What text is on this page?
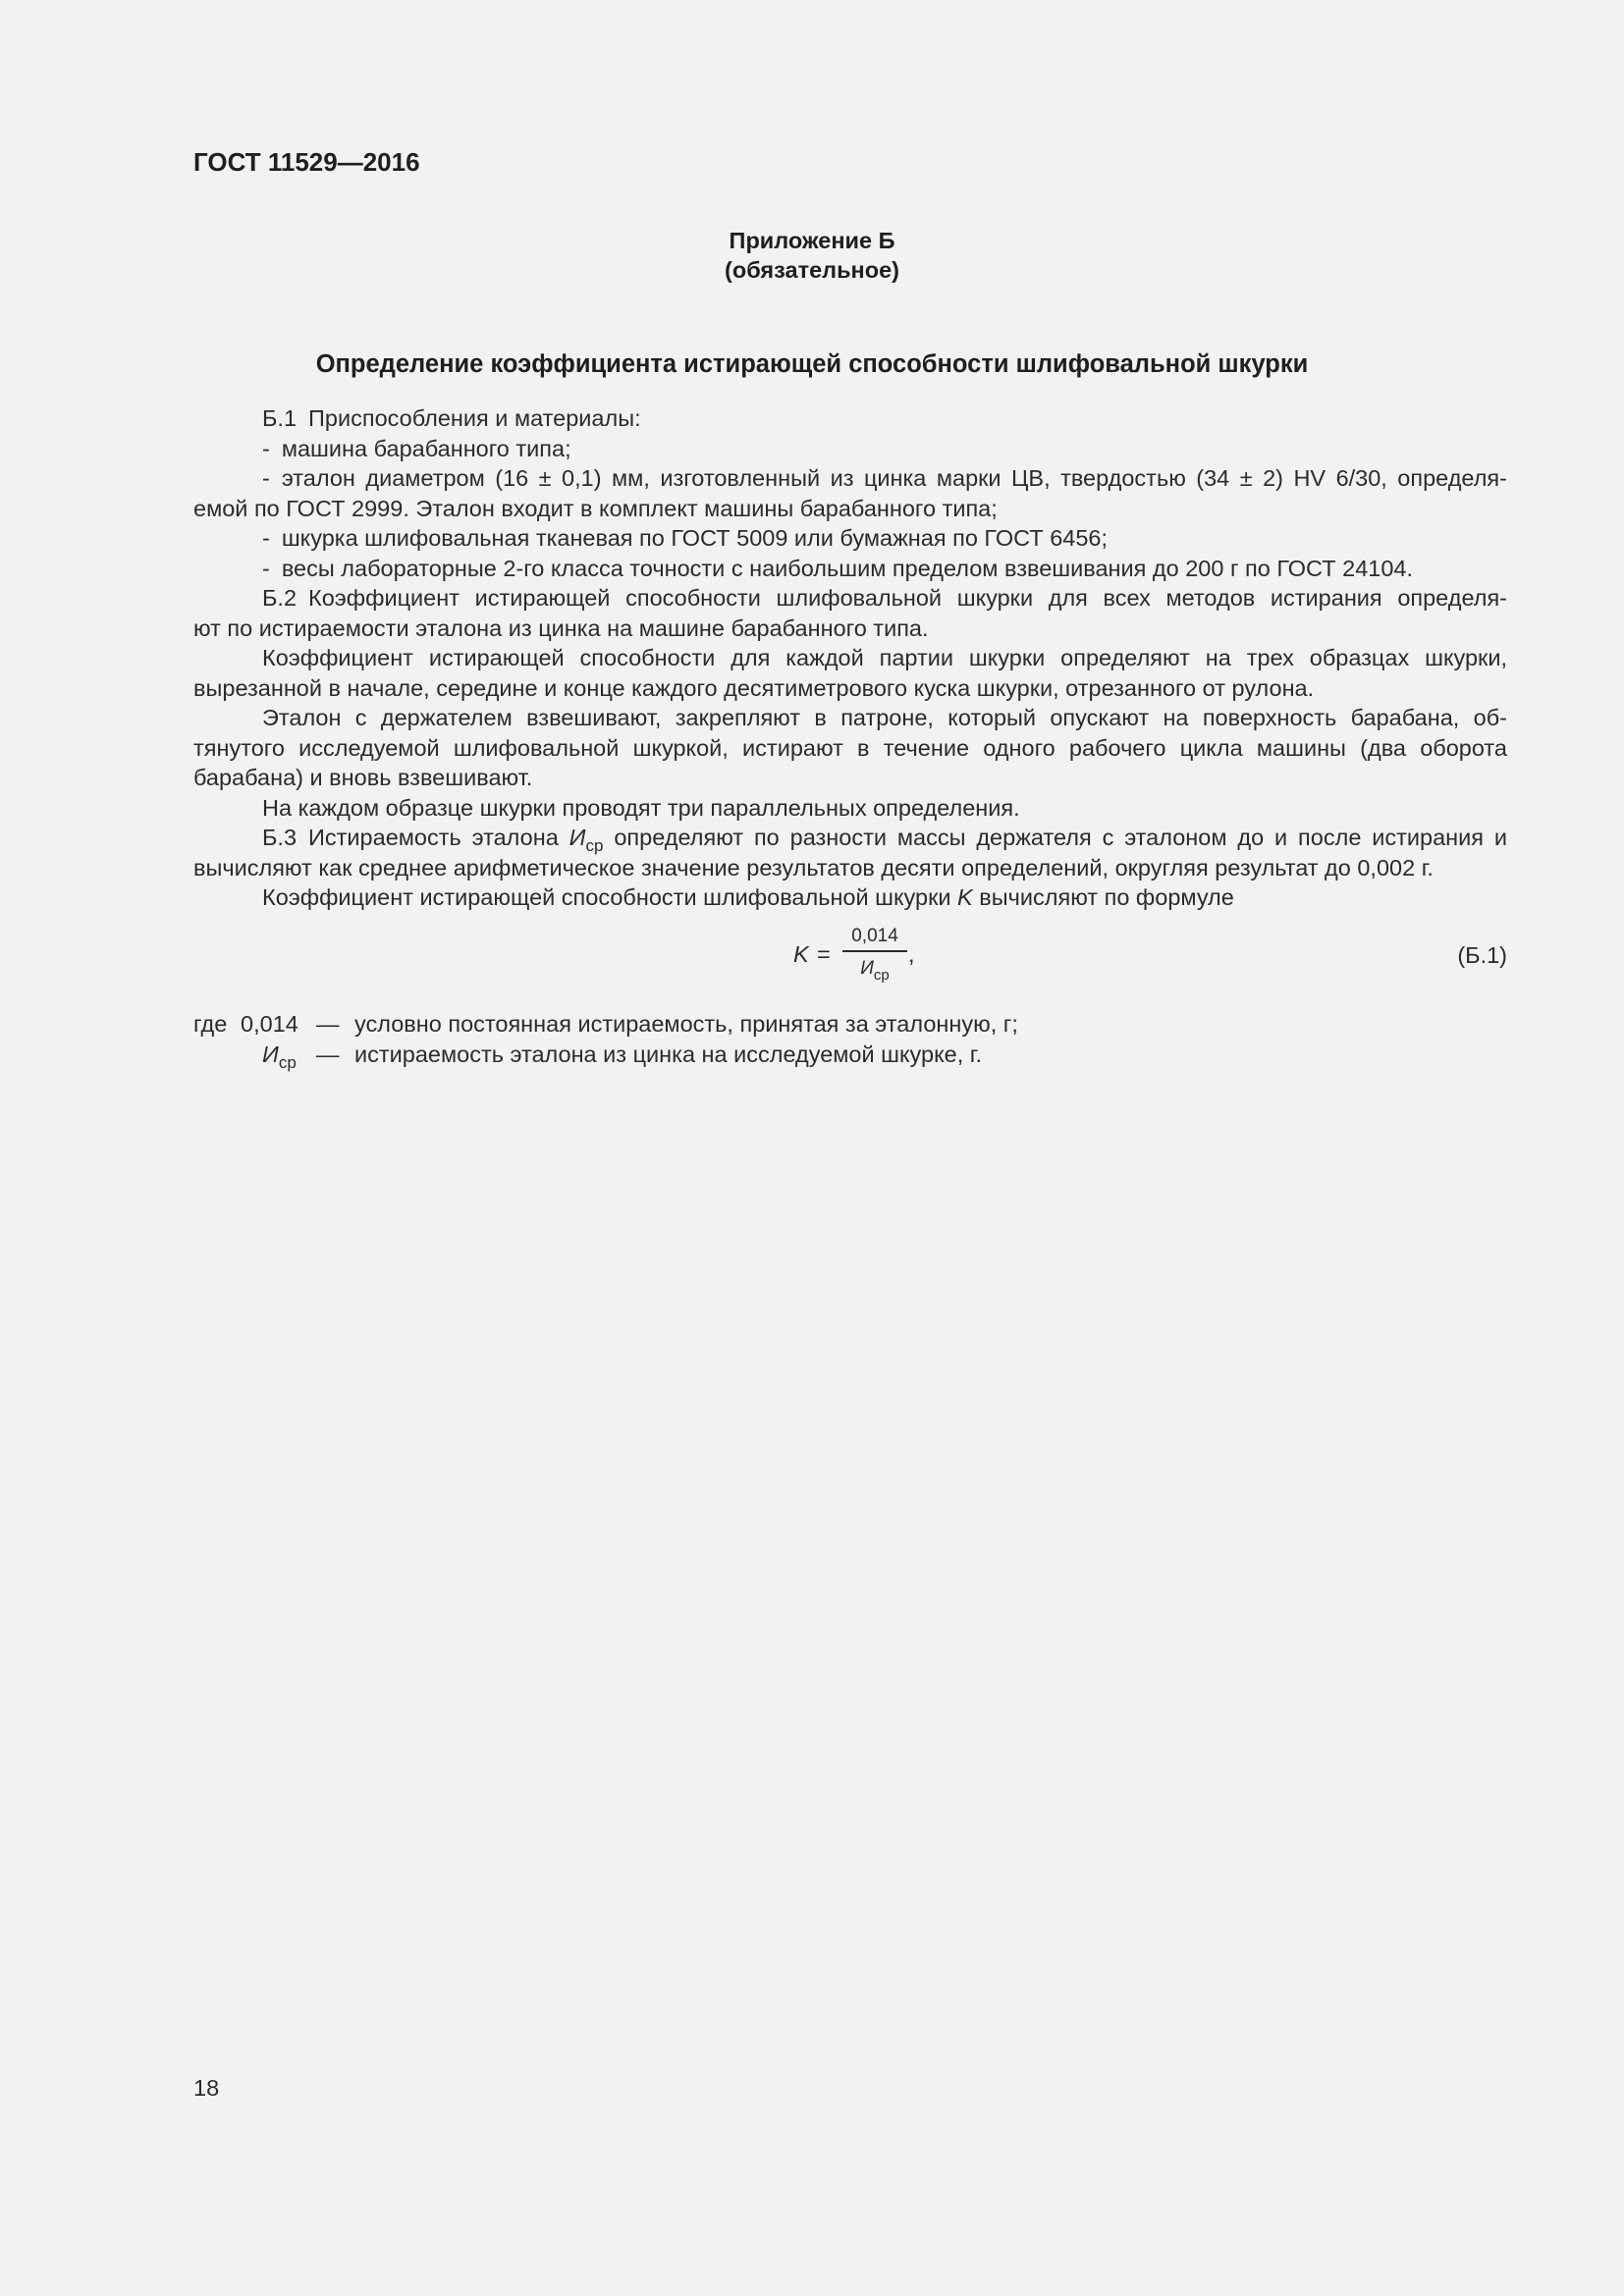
ГОСТ 11529—2016
Приложение Б
(обязательное)
Определение коэффициента истирающей способности шлифовальной шкурки
Б.1 Приспособления и материалы:
- машина барабанного типа;
- эталон диаметром (16 ± 0,1) мм, изготовленный из цинка марки ЦВ, твердостью (34 ± 2) HV 6/30, определя-
емой по ГОСТ 2999. Эталон входит в комплект машины барабанного типа;
- шкурка шлифовальная тканевая по ГОСТ 5009 или бумажная по ГОСТ 6456;
- весы лабораторные 2-го класса точности с наибольшим пределом взвешивания до 200 г по ГОСТ 24104.
Б.2 Коэффициент истирающей способности шлифовальной шкурки для всех методов истирания определя-
ют по истираемости эталона из цинка на машине барабанного типа.
Коэффициент истирающей способности для каждой партии шкурки определяют на трех образцах шкурки,
вырезанной в начале, середине и конце каждого десятиметрового куска шкурки, отрезанного от рулона.
Эталон с держателем взвешивают, закрепляют в патроне, который опускают на поверхность барабана, об-
тянутого исследуемой шлифовальной шкуркой, истирают в течение одного рабочего цикла машины (два оборота
барабана) и вновь взвешивают.
На каждом образце шкурки проводят три параллельных определения.
Б.3 Истираемость эталона $И_{ср}$ определяют по разности массы держателя с эталоном до и после истирания и
вычисляют как среднее арифметическое значение результатов десяти определений, округляя результат до 0,002 г.
Коэффициент истирающей способности шлифовальной шкурки K вычисляют по формуле
K =
0,014
$И_{ср}$
,	(Б.1)
где 0,014 — условно постоянная истираемость, принятая за эталонную, г;
$И_{ср}$ — истираемость эталона из цинка на исследуемой шкурке, г.
18
